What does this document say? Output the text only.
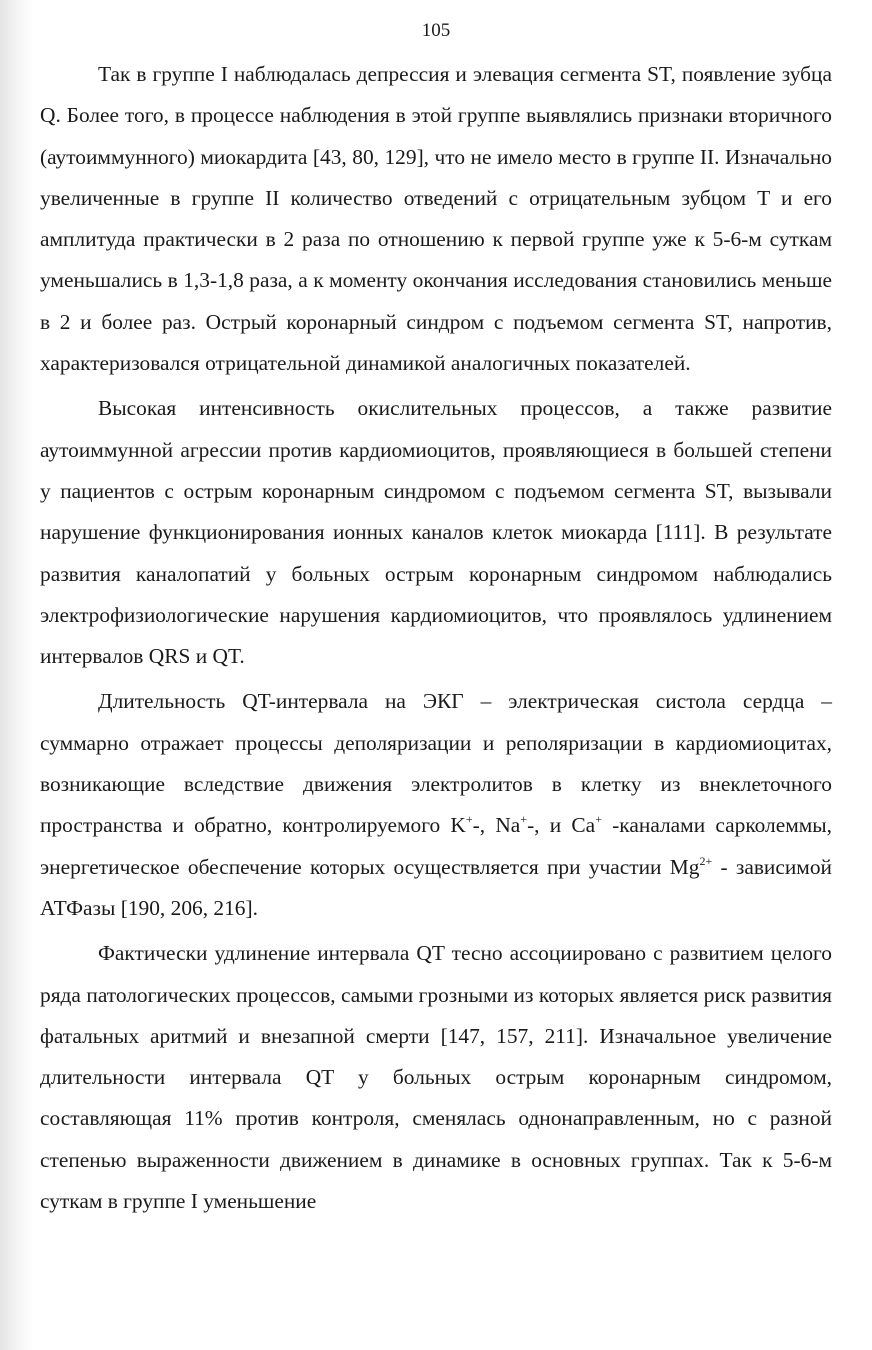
105

Так в группе I наблюдалась депрессия и элевация сегмента ST, появление зубца Q. Более того, в процессе наблюдения в этой группе выявлялись признаки вторичного (аутоиммунного) миокардита [43, 80, 129], что не имело место в группе II. Изначально увеличенные в группе II количество отведений с отрицательным зубцом T и его амплитуда практически в 2 раза по отношению к первой группе уже к 5-6-м суткам уменьшались в 1,3-1,8 раза, а к моменту окончания исследования становились меньше в 2 и более раз. Острый коронарный синдром с подъемом сегмента ST, напротив, характеризовался отрицательной динамикой аналогичных показателей.

Высокая интенсивность окислительных процессов, а также развитие аутоиммунной агрессии против кардиомиоцитов, проявляющиеся в большей степени у пациентов с острым коронарным синдромом с подъемом сегмента ST, вызывали нарушение функционирования ионных каналов клеток миокарда [111]. В результате развития каналопатий у больных острым коронарным синдромом наблюдались электрофизиологические нарушения кардиомиоцитов, что проявлялось удлинением интервалов QRS и QT.

Длительность QT-интервала на ЭКГ – электрическая систола сердца – суммарно отражает процессы деполяризации и реполяризации в кардиомиоцитах, возникающие вследствие движения электролитов в клетку из внеклеточного пространства и обратно, контролируемого K+-, Na+-, и Ca+ -каналами сарколеммы, энергетическое обеспечение которых осуществляется при участии $Mg^{2+}$ - зависимой АТФазы [190, 206, 216].

Фактически удлинение интервала QT тесно ассоциировано с развитием целого ряда патологических процессов, самыми грозными из которых является риск развития фатальных аритмий и внезапной смерти [147, 157, 211]. Изначальное увеличение длительности интервала QT у больных острым коронарным синдромом, составляющая 11% против контроля, сменялась однонаправленным, но с разной степенью выраженности движением в динамике в основных группах. Так к 5-6-м суткам в группе I уменьшение
